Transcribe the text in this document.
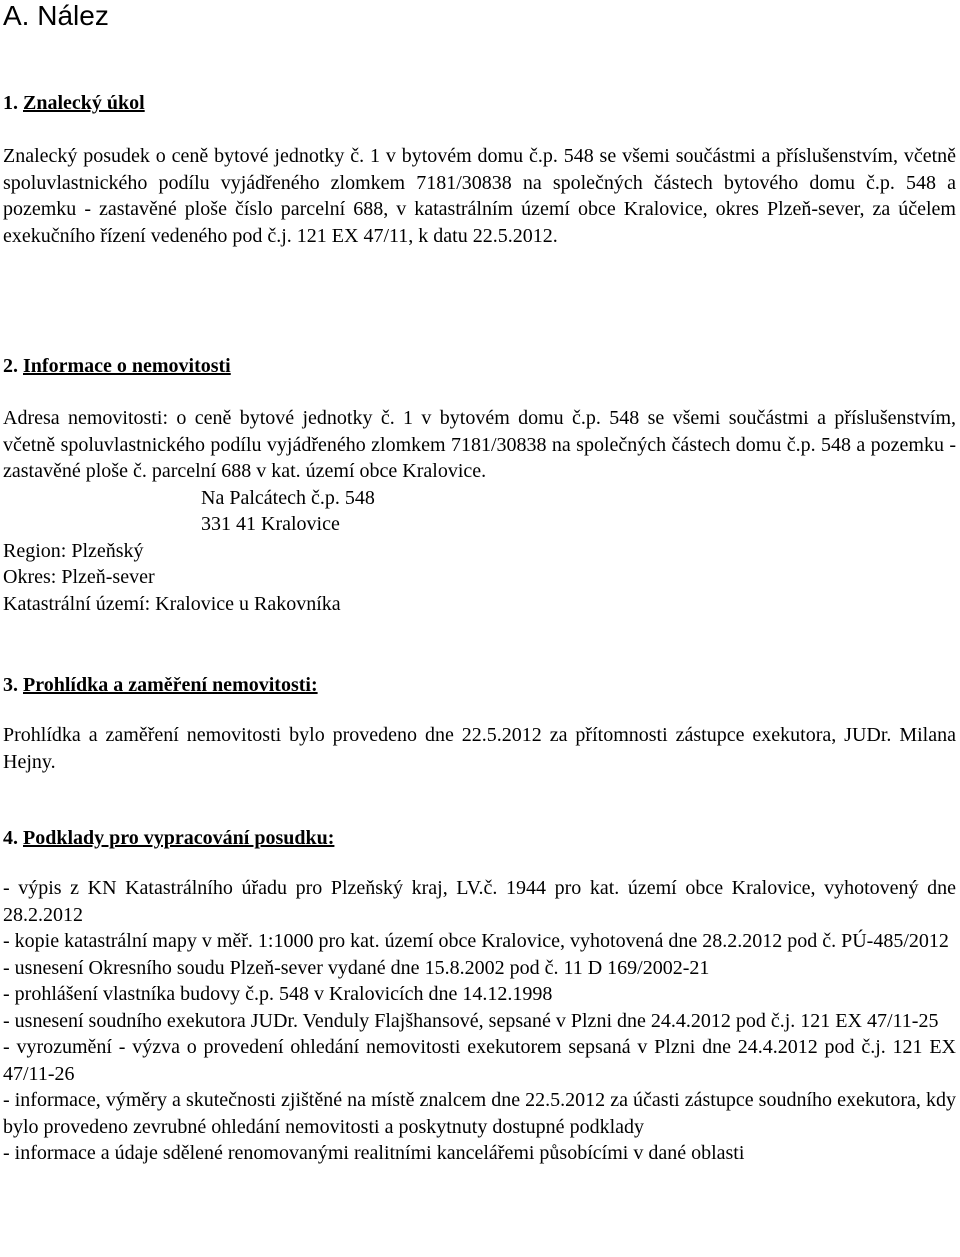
A. Nález
1. Znalecký úkol

Znalecký posudek o ceně bytové jednotky č. 1 v bytovém domu č.p. 548 se všemi součástmi a příslušenstvím, včetně spoluvlastnického podílu vyjádřeného zlomkem 7181/30838 na společných částech bytového domu č.p. 548 a pozemku - zastavěné ploše číslo parcelní 688, v katastrálním území obce Kralovice, okres Plzeň-sever, za účelem exekučního řízení vedeného pod č.j. 121 EX 47/11, k datu 22.5.2012.

2. Informace o nemovitosti

Adresa nemovitosti: o ceně bytové jednotky č. 1 v bytovém domu č.p. 548 se všemi součástmi a příslušenstvím, včetně spoluvlastnického podílu vyjádřeného zlomkem 7181/30838 na společných částech domu č.p. 548 a pozemku - zastavěné ploše č. parcelní 688 v kat. území obce Kralovice.

Na Palcátech č.p. 548

331 41 Kralovice

Region: Plzeňský

Okres: Plzeň-sever

Katastrální území: Kralovice u Rakovníka

3. Prohlídka a zaměření nemovitosti:

Prohlídka a zaměření nemovitosti bylo provedeno dne 22.5.2012 za přítomnosti zástupce exekutora, JUDr. Milana Hejny.

4. Podklady pro vypracování posudku:

- výpis z KN Katastrálního úřadu pro Plzeňský kraj, LV.č. 1944 pro kat. území obce Kralovice, vyhotovený dne 28.2.2012

- kopie katastrální mapy v měř. 1:1000 pro kat. území obce Kralovice, vyhotovená dne 28.2.2012 pod č. PÚ-485/2012

- usnesení Okresního soudu Plzeň-sever vydané dne 15.8.2002 pod č. 11 D 169/2002-21

- prohlášení vlastníka budovy č.p. 548 v Kralovicích dne 14.12.1998

- usnesení soudního exekutora JUDr. Venduly Flajšhansové, sepsané v Plzni dne 24.4.2012 pod č.j. 121 EX 47/11-25

- vyrozumění - výzva o provedení ohledání nemovitosti exekutorem sepsaná v Plzni dne 24.4.2012 pod č.j. 121 EX 47/11-26

- informace, výměry a skutečnosti zjištěné na místě znalcem dne 22.5.2012 za účasti zástupce soudního exekutora, kdy bylo provedeno zevrubné ohledání nemovitosti a poskytnuty dostupné podklady

- informace a údaje sdělené renomovanými realitními kancelářemi působícími v dané oblasti
